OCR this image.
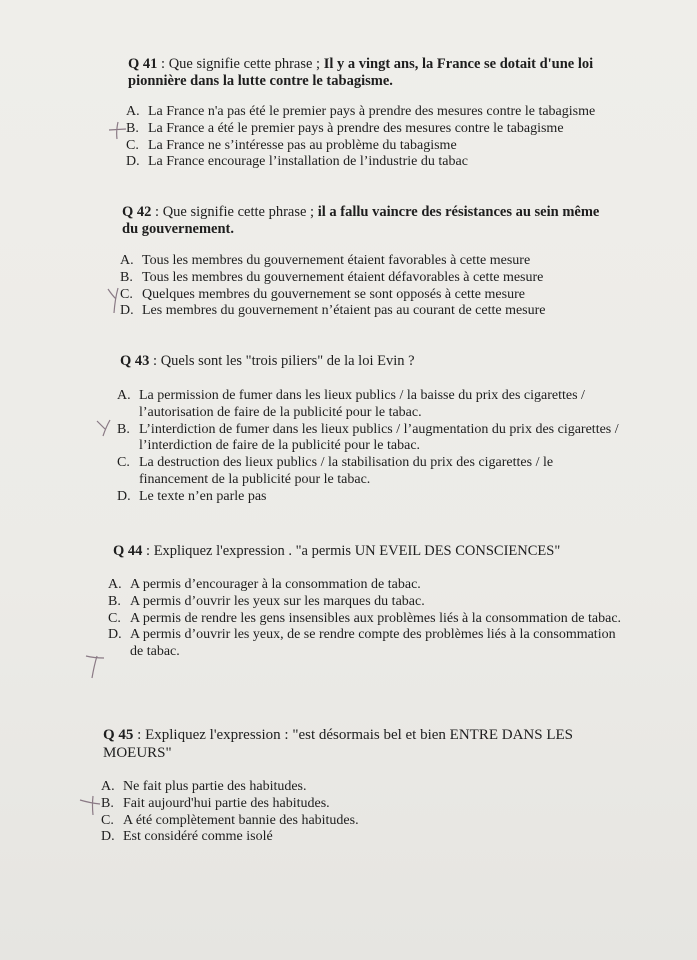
Q 41 : Que signifie cette phrase ; Il y a vingt ans, la France se dotait d'une loi pionnière dans la lutte contre le tabagisme.
A. La France n'a pas été le premier pays à prendre des mesures contre le tabagisme
B. La France a été le premier pays à prendre des mesures contre le tabagisme
C. La France ne s’intéresse pas au problème du tabagisme
D. La France encourage l’installation de l’industrie du tabac
Q 42 : Que signifie cette phrase ; il a fallu vaincre des résistances au sein même du gouvernement.
A. Tous les membres du gouvernement étaient favorables à cette mesure
B. Tous les membres du gouvernement étaient défavorables à cette mesure
C. Quelques membres du gouvernement se sont opposés à cette mesure
D. Les membres du gouvernement n’étaient pas au courant de cette mesure
Q 43 : Quels sont les "trois piliers" de la loi Evin ?
A. La permission de fumer dans les lieux publics / la baisse du prix des cigarettes / l’autorisation de faire de la publicité pour le tabac.
B. L’interdiction de fumer dans les lieux publics / l’augmentation du prix des cigarettes / l’interdiction de faire de la publicité pour le tabac.
C. La destruction des lieux publics / la stabilisation du prix des cigarettes / le financement de la publicité pour le tabac.
D. Le texte n’en parle pas
Q 44 : Expliquez l'expression . "a permis UN EVEIL DES CONSCIENCES"
A. A permis d’encourager à la consommation de tabac.
B. A permis d’ouvrir les yeux sur les marques du tabac.
C. A permis de rendre les gens insensibles aux problèmes liés à la consommation de tabac.
D. A permis d’ouvrir les yeux, de se rendre compte des problèmes liés à la consommation de tabac.
Q 45 : Expliquez l'expression : "est désormais bel et bien ENTRE DANS LES MOEURS"
A. Ne fait plus partie des habitudes.
B. Fait aujourd'hui partie des habitudes.
C. A été complètement bannie des habitudes.
D. Est considéré comme isolé
